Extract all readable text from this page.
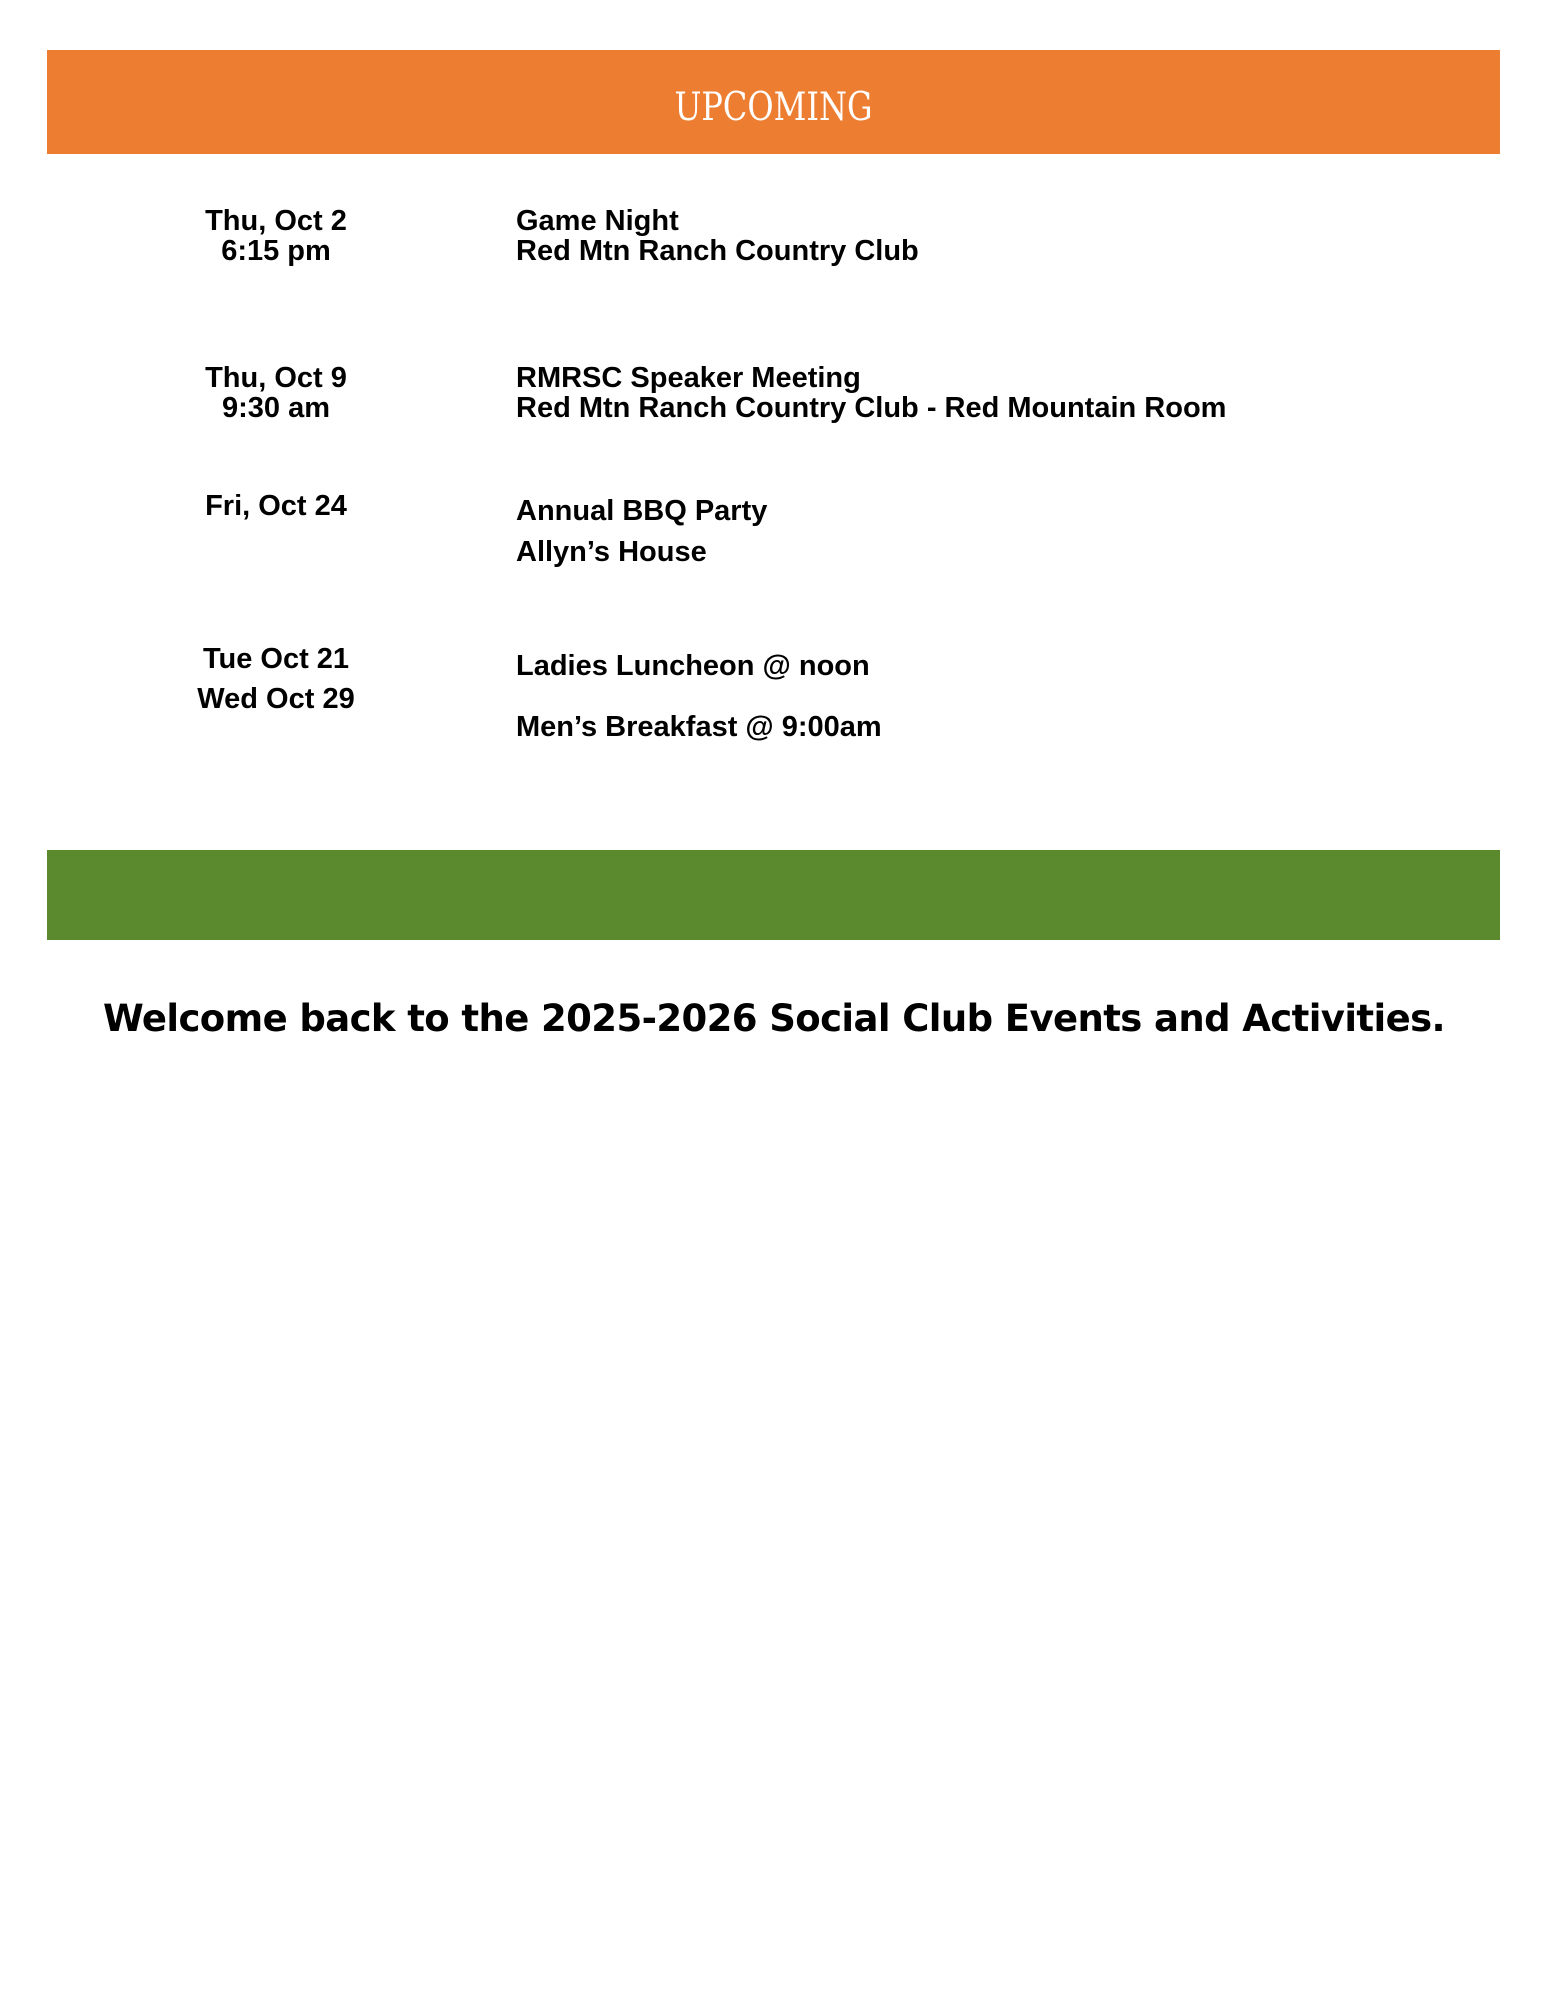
UPCOMING
Thu, Oct 2
6:15 pm
Game Night
Red Mtn Ranch Country Club
Thu, Oct 9
9:30 am
RMRSC Speaker Meeting
Red Mtn Ranch Country Club - Red Mountain Room
Fri, Oct 24	Annual BBQ Party
Allyn’s House
Tue Oct 21
Wed Oct 29
Ladies Luncheon @ noon
Men’s Breakfast @ 9:00am
Welcome back to the 2025-2026 Social Club Events and Activities.
